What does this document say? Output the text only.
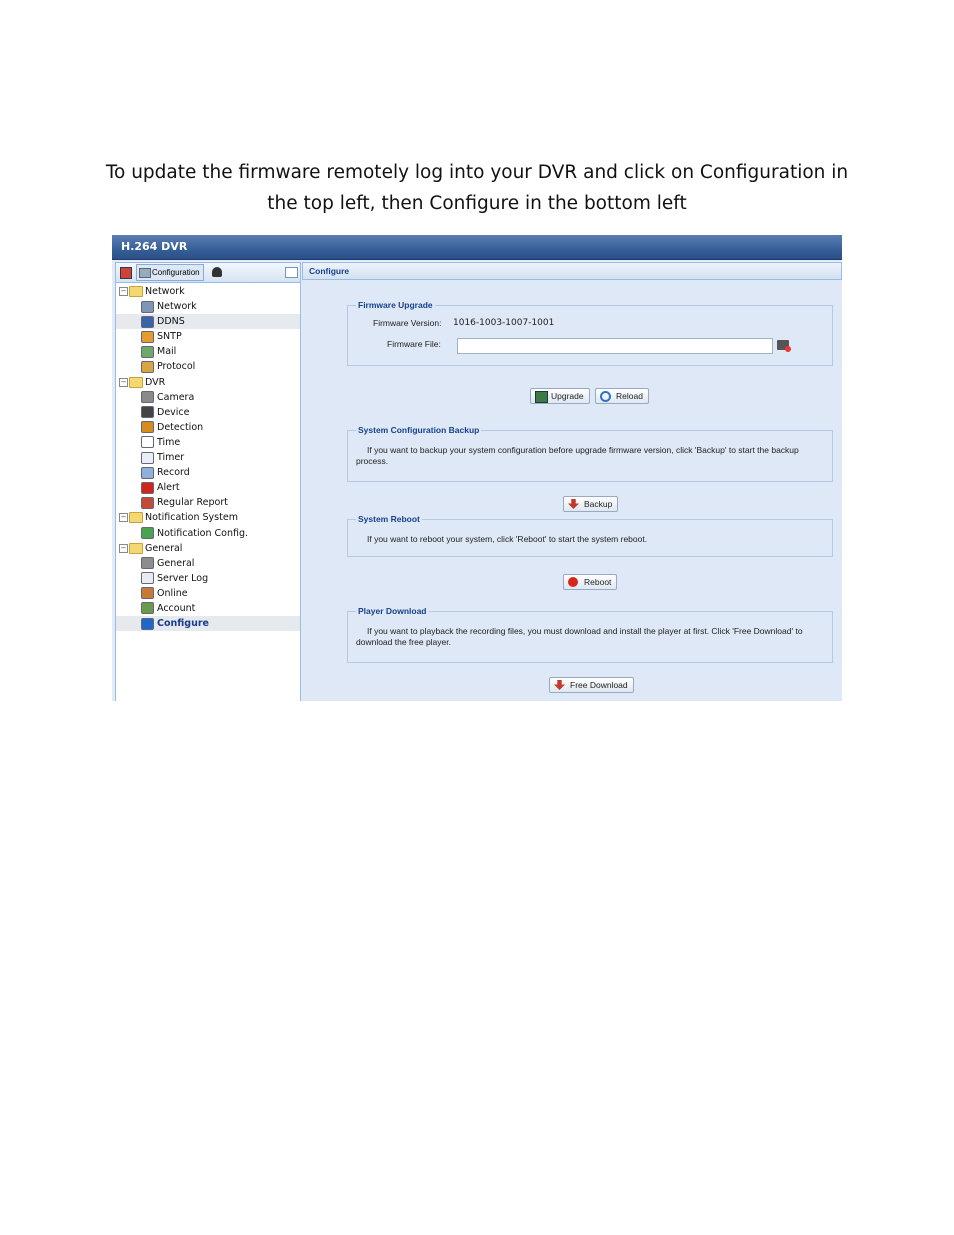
To update the firmware remotely log into your DVR and click on Configuration in
the top left, then Configure in the bottom left
H.264 DVR
Configuration
− Network
Network
DDNS
SNTP
Mail
Protocol
− DVR
Camera
Device
Detection
Time
Timer
Record
Alert
Regular Report
− Notification System
Notification Config.
− General
General
Server Log
Online
Account
Configure
Configure
Firmware Upgrade
Firmware Version: 1016-1003-1007-1001
Firmware File:
Upgrade	Reload
System Configuration Backup
If you want to backup your system configuration before upgrade firmware version, click 'Backup' to start the backup process.
Backup
System Reboot
If you want to reboot your system, click 'Reboot' to start the system reboot.
Reboot
Player Download
If you want to playback the recording files, you must download and install the player at first. Click 'Free Download' to download the free player.
Free Download
